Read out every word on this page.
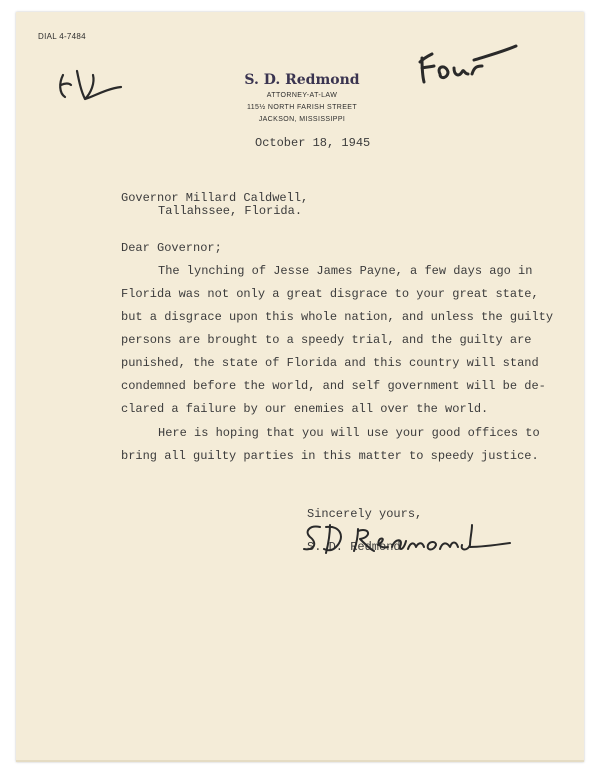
DIAL 4-7484
S. D. Redmond
ATTORNEY-AT-LAW
115½ NORTH FARISH STREET
JACKSON, MISSISSIPPI
October 18, 1945
Governor Millard Caldwell,
Tallahssee, Florida.
Dear Governor;
The lynching of Jesse James Payne, a few days ago in
Florida was not only a great disgrace to your great state,
but a disgrace upon this whole nation, and unless the guilty
persons are brought to a speedy trial, and the guilty are
punished, the state of Florida and this country will stand
condemned before the world, and self government will be de-
clared a failure by our enemies all over the world.
Here is hoping that you will use your good offices to
bring all guilty parties in this matter to speedy justice.
Sincerely yours,
S. D. Redmond
